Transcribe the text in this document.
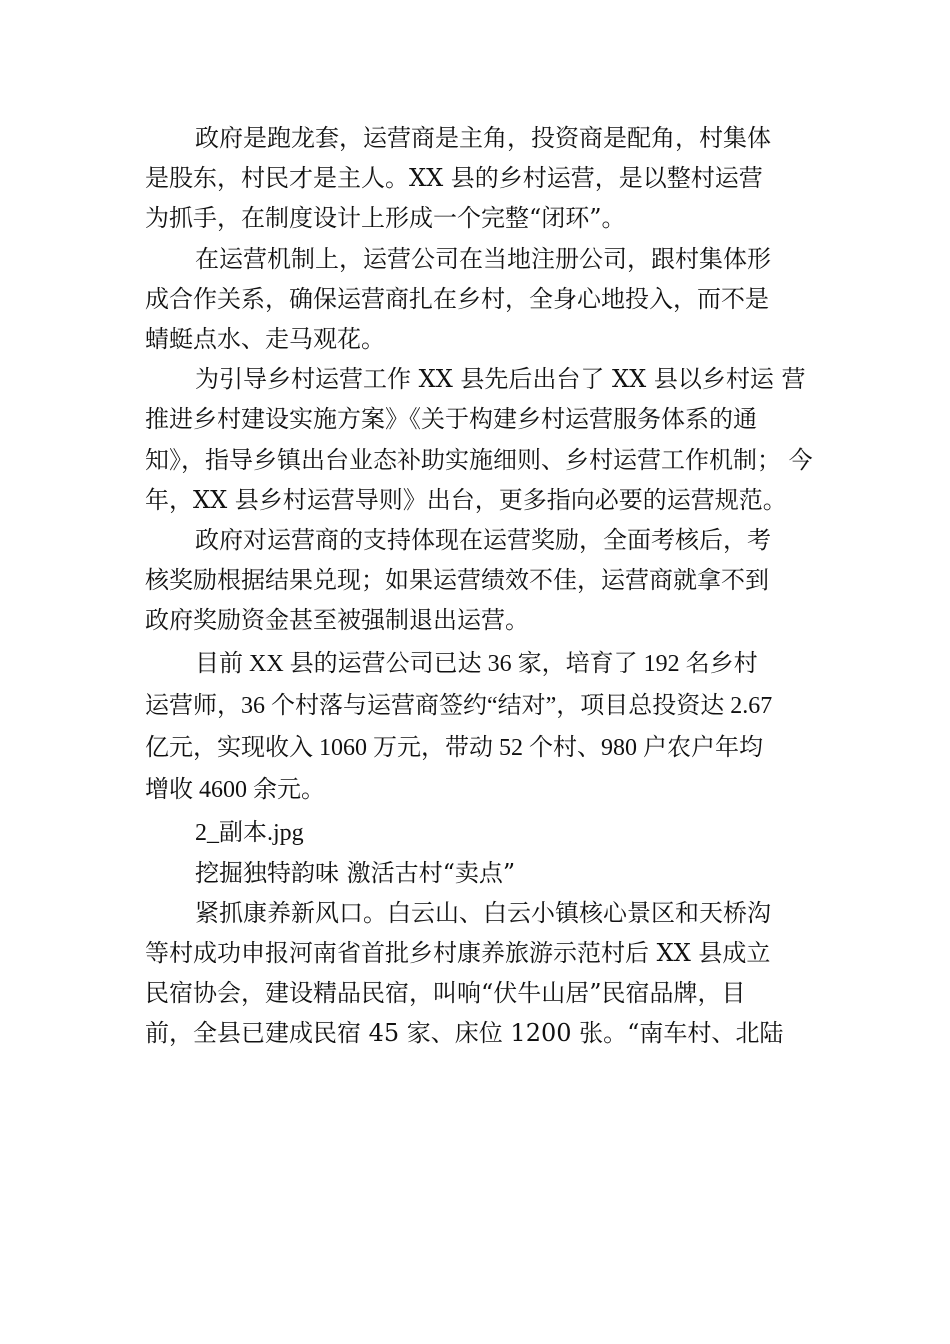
政府是跑龙套，运营商是主角，投资商是配角，村集体
是股东，村民才是主人。XX 县的乡村运营，是以整村运营
为抓手，在制度设计上形成一个完整“闭环”。

在运营机制上，运营公司在当地注册公司，跟村集体形
成合作关系，确保运营商扎在乡村，全身心地投入，而不是
蜻蜓点水、走马观花。

为引导乡村运营工作 XX 县先后出台了 XX 县以乡村运 营
推进乡村建设实施方案》《关于构建乡村运营服务体系的通
知》，指导乡镇出台业态补助实施细则、乡村运营工作机制； 今
年，XX 县乡村运营导则》出台，更多指向必要的运营规范。

政府对运营商的支持体现在运营奖励，全面考核后，考
核奖励根据结果兑现；如果运营绩效不佳，运营商就拿不到
政府奖励资金甚至被强制退出运营。

目前 XX 县的运营公司已达 36 家，培育了 192 名乡村
运营师，36 个村落与运营商签约“结对”，项目总投资达 2.67
亿元，实现收入 1060 万元，带动 52 个村、980 户农户年均
增收 4600 余元。

2_副本.jpg

挖掘独特韵味 激活古村“卖点”

紧抓康养新风口。白云山、白云小镇核心景区和天桥沟
等村成功申报河南省首批乡村康养旅游示范村后 XX 县成立
民宿协会，建设精品民宿，叫响“伏牛山居”民宿品牌，目
前，全县已建成民宿 45 家、床位 1200 张。“南车村、北陆
